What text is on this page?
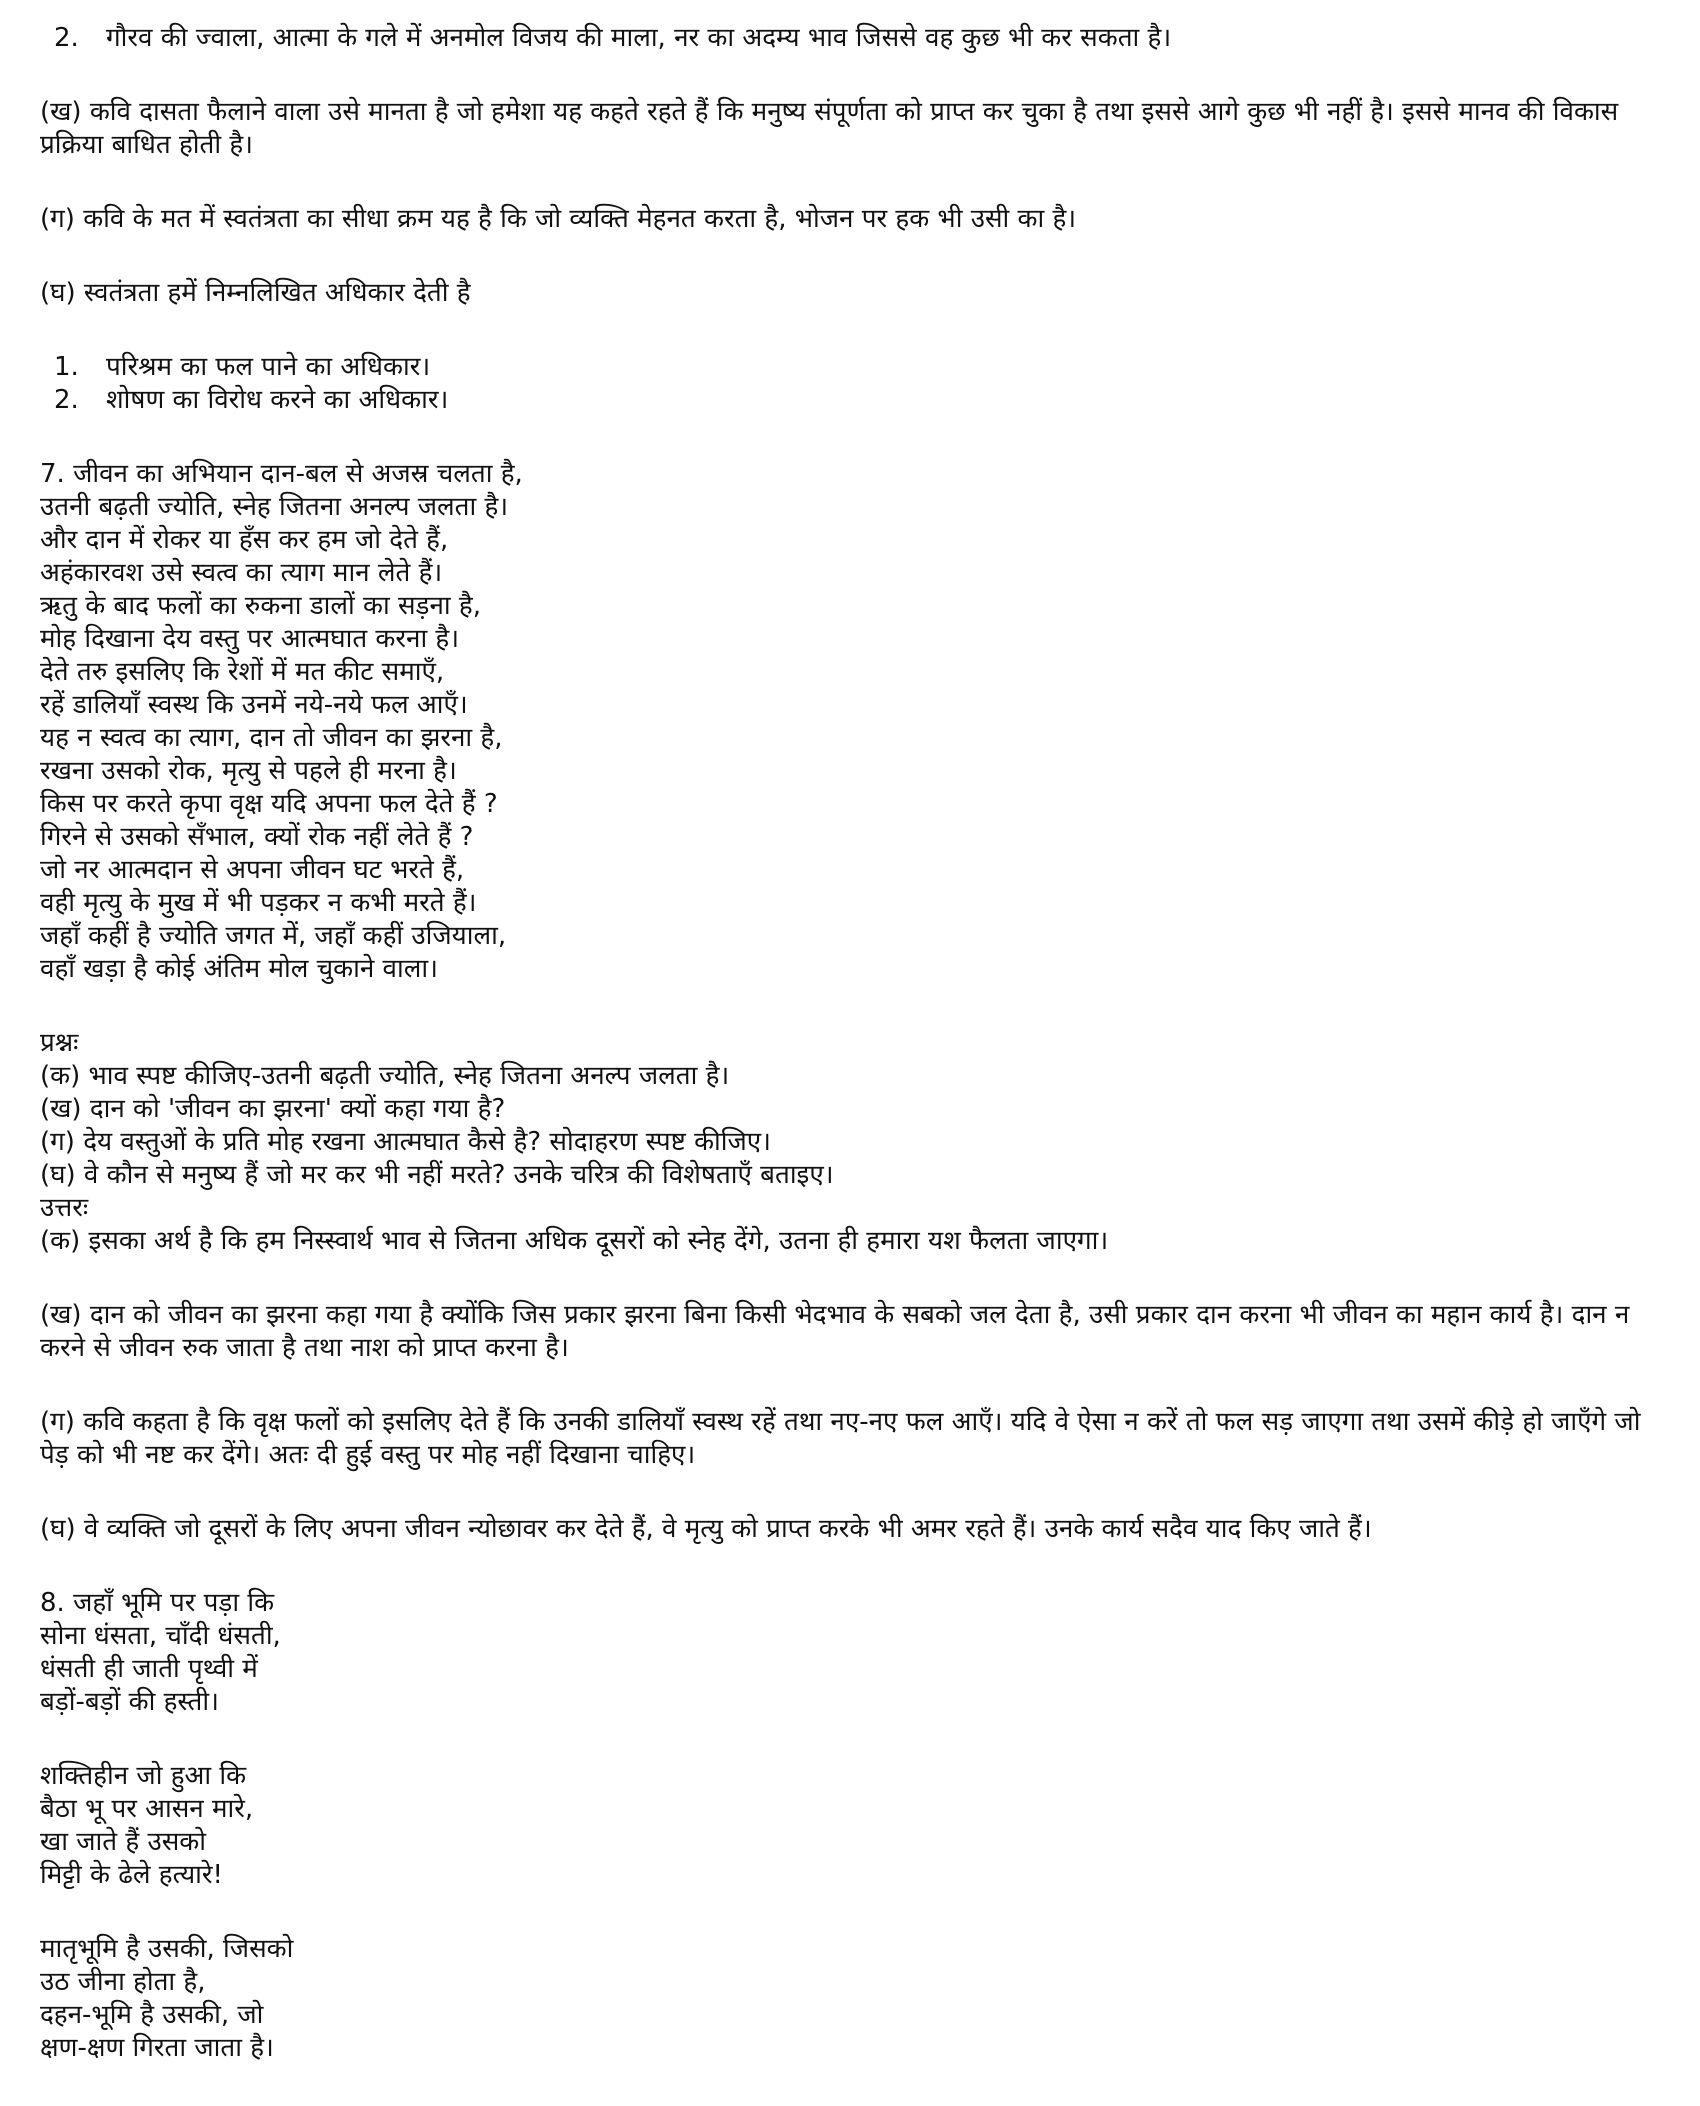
2. गौरव की ज्वाला, आत्मा के गले में अनमोल विजय की माला, नर का अदम्य भाव जिससे वह कुछ भी कर सकता है।

(ख) कवि दासता फैलाने वाला उसे मानता है जो हमेशा यह कहते रहते हैं कि मनुष्य संपूर्णता को प्राप्त कर चुका है तथा इससे आगे कुछ भी नहीं है। इससे मानव की विकास प्रक्रिया बाधित होती है।

(ग) कवि के मत में स्वतंत्रता का सीधा क्रम यह है कि जो व्यक्ति मेहनत करता है, भोजन पर हक भी उसी का है।

(घ) स्वतंत्रता हमें निम्नलिखित अधिकार देती है

1. परिश्रम का फल पाने का अधिकार।
2. शोषण का विरोध करने का अधिकार।
7. जीवन का अभियान दान-बल से अजस्र चलता है,
उतनी बढ़ती ज्योति, स्नेह जितना अनल्प जलता है।
और दान में रोकर या हँस कर हम जो देते हैं,
अहंकारवश उसे स्वत्व का त्याग मान लेते हैं।
ऋतु के बाद फलों का रुकना डालों का सड़ना है,
मोह दिखाना देय वस्तु पर आत्मघात करना है।
देते तरु इसलिए कि रेशों में मत कीट समाएँ,
रहें डालियाँ स्वस्थ कि उनमें नये-नये फल आएँ।
यह न स्वत्व का त्याग, दान तो जीवन का झरना है,
रखना उसको रोक, मृत्यु से पहले ही मरना है।
किस पर करते कृपा वृक्ष यदि अपना फल देते हैं ?
गिरने से उसको सँभाल, क्यों रोक नहीं लेते हैं ?
जो नर आत्मदान से अपना जीवन घट भरते हैं,
वही मृत्यु के मुख में भी पड़कर न कभी मरते हैं।
जहाँ कहीं है ज्योति जगत में, जहाँ कहीं उजियाला,
वहाँ खड़ा है कोई अंतिम मोल चुकाने वाला।
प्रश्नः
(क) भाव स्पष्ट कीजिए-उतनी बढ़ती ज्योति, स्नेह जितना अनल्प जलता है।
(ख) दान को 'जीवन का झरना' क्यों कहा गया है?
(ग) देय वस्तुओं के प्रति मोह रखना आत्मघात कैसे है? सोदाहरण स्पष्ट कीजिए।
(घ) वे कौन से मनुष्य हैं जो मर कर भी नहीं मरते? उनके चरित्र की विशेषताएँ बताइए।
उत्तरः
(क) इसका अर्थ है कि हम निस्स्वार्थ भाव से जितना अधिक दूसरों को स्नेह देंगे, उतना ही हमारा यश फैलता जाएगा।

(ख) दान को जीवन का झरना कहा गया है क्योंकि जिस प्रकार झरना बिना किसी भेदभाव के सबको जल देता है, उसी प्रकार दान करना भी जीवन का महान कार्य है। दान न करने से जीवन रुक जाता है तथा नाश को प्राप्त करना है।

(ग) कवि कहता है कि वृक्ष फलों को इसलिए देते हैं कि उनकी डालियाँ स्वस्थ रहें तथा नए-नए फल आएँ। यदि वे ऐसा न करें तो फल सड़ जाएगा तथा उसमें कीड़े हो जाएँगे जो पेड़ को भी नष्ट कर देंगे। अतः दी हुई वस्तु पर मोह नहीं दिखाना चाहिए।

(घ) वे व्यक्ति जो दूसरों के लिए अपना जीवन न्योछावर कर देते हैं, वे मृत्यु को प्राप्त करके भी अमर रहते हैं। उनके कार्य सदैव याद किए जाते हैं।

8. जहाँ भूमि पर पड़ा कि
सोना धंसता, चाँदी धंसती,
धंसती ही जाती पृथ्वी में
बड़ों-बड़ों की हस्ती।
शक्तिहीन जो हुआ कि
बैठा भू पर आसन मारे,
खा जाते हैं उसको
मिट्टी के ढेले हत्यारे!
मातृभूमि है उसकी, जिसको
उठ जीना होता है,
दहन-भूमि है उसकी, जो
क्षण-क्षण गिरता जाता है।
